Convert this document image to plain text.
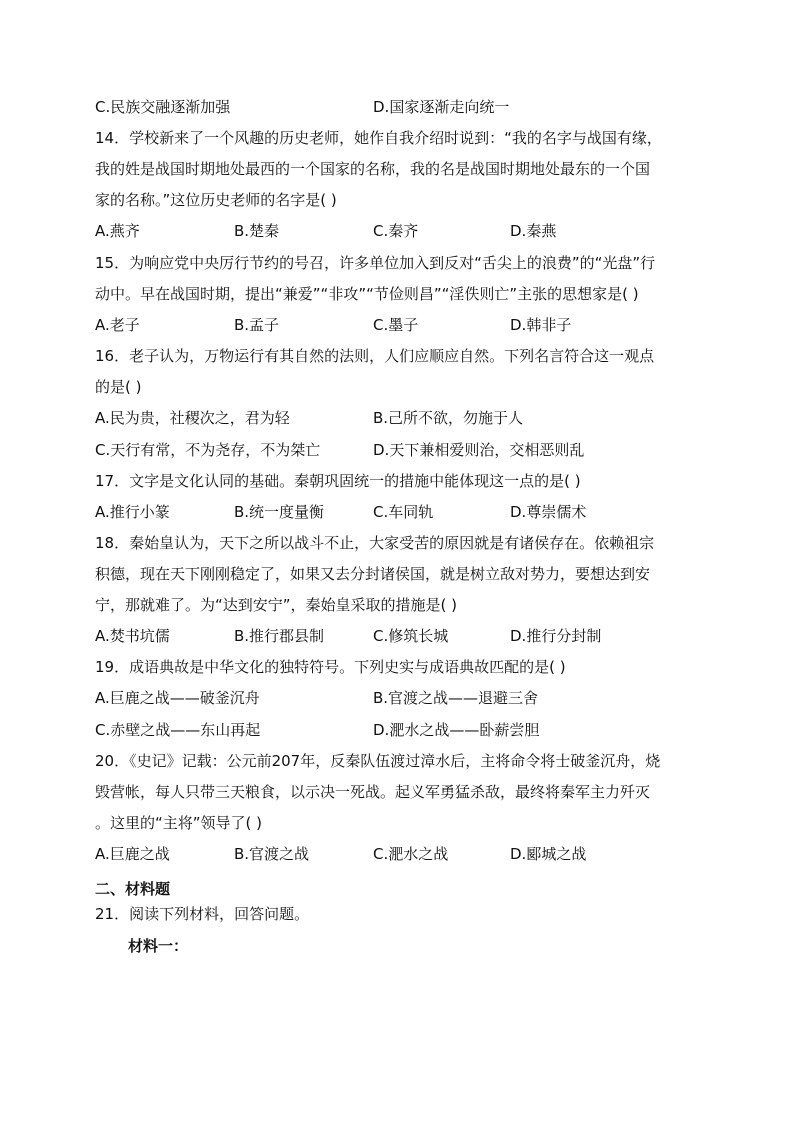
C.民族交融逐渐加强	D.国家逐渐走向统一
14．学校新来了一个风趣的历史老师，她作自我介绍时说到：“我的名字与战国有缘，
我的姓是战国时期地处最西的一个国家的名称，我的名是战国时期地处最东的一个国
家的名称。”这位历史老师的名字是( )
A.燕齐	B.楚秦	C.秦齐	D.秦燕
15．为响应党中央厉行节约的号召，许多单位加入到反对“舌尖上的浪费”的“光盘”行
动中。早在战国时期，提出“兼爱”“非攻”“节俭则昌”“淫佚则亡”主张的思想家是( )
A.老子	B.孟子	C.墨子	D.韩非子
16．老子认为，万物运行有其自然的法则，人们应顺应自然。下列名言符合这一观点
的是( )
A.民为贵，社稷次之，君为轻	B.己所不欲，勿施于人
C.天行有常，不为尧存，不为桀亡	D.天下兼相爱则治，交相恶则乱
17．文字是文化认同的基础。秦朝巩固统一的措施中能体现这一点的是( )
A.推行小篆	B.统一度量衡	C.车同轨	D.尊崇儒术
18．秦始皇认为，天下之所以战斗不止，大家受苦的原因就是有诸侯存在。依赖祖宗
积德，现在天下刚刚稳定了，如果又去分封诸侯国，就是树立敌对势力，要想达到安
宁，那就难了。为“达到安宁”，秦始皇采取的措施是( )
A.焚书坑儒	B.推行郡县制	C.修筑长城	D.推行分封制
19．成语典故是中华文化的独特符号。下列史实与成语典故匹配的是( )
A.巨鹿之战——破釜沉舟	B.官渡之战——退避三舍
C.赤壁之战——东山再起	D.淝水之战——卧薪尝胆
20．《史记》记载：公元前207年，反秦队伍渡过漳水后，主将命令将士破釜沉舟，烧
毁营帐，每人只带三天粮食，以示决一死战。起义军勇猛杀敌，最终将秦军主力歼灭
。这里的“主将”领导了( )
A.巨鹿之战	B.官渡之战	C.淝水之战	D.郾城之战
二、材料题
21．阅读下列材料，回答问题。
材料一：
